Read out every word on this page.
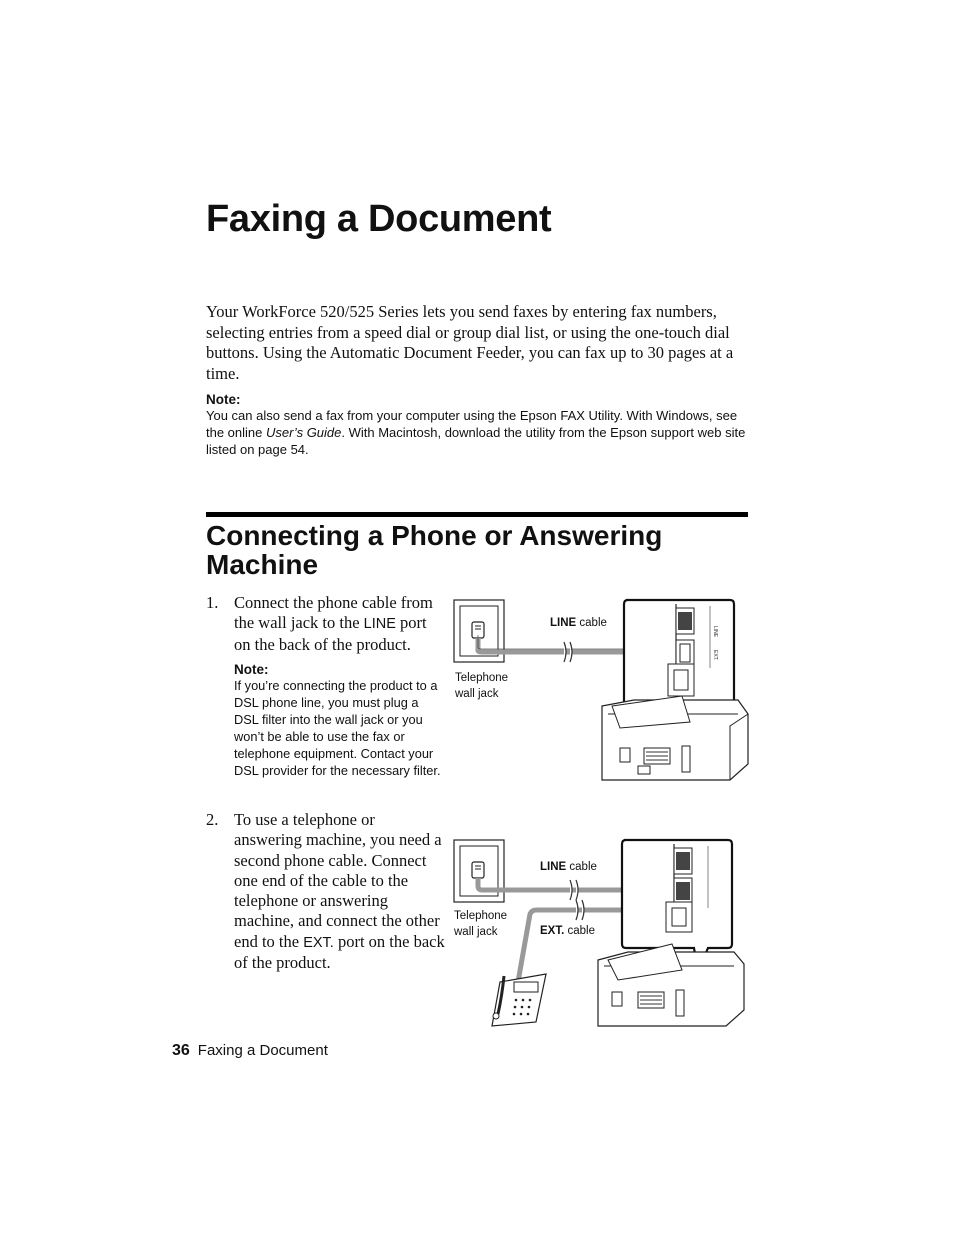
Faxing a Document

Your WorkForce 520/525 Series lets you send faxes by entering fax numbers, selecting entries from a speed dial or group dial list, or using the one-touch dial buttons. Using the Automatic Document Feeder, you can fax up to 30 pages at a time.

Note:

You can also send a fax from your computer using the Epson FAX Utility. With Windows, see the online User’s Guide. With Macintosh, download the utility from the Epson support web site listed on page 54.

Connecting a Phone or Answering Machine
1. Connect the phone cable from the wall jack to the LINE port on the back of the product.
Note:

If you’re connecting the product to a DSL phone line, you must plug a DSL filter into the wall jack or you won’t be able to use the fax or telephone equipment. Contact your DSL provider for the necessary filter.

2. To use a telephone or answering machine, you need a second phone cable. Connect one end of the cable to the telephone or answering machine, and connect the other end to the EXT. port on the back of the product.
LINE
EXT.
LINE cable
Telephone
wall jack
LINE cable
EXT. cable
Telephone
wall jack
36 Faxing a Document
